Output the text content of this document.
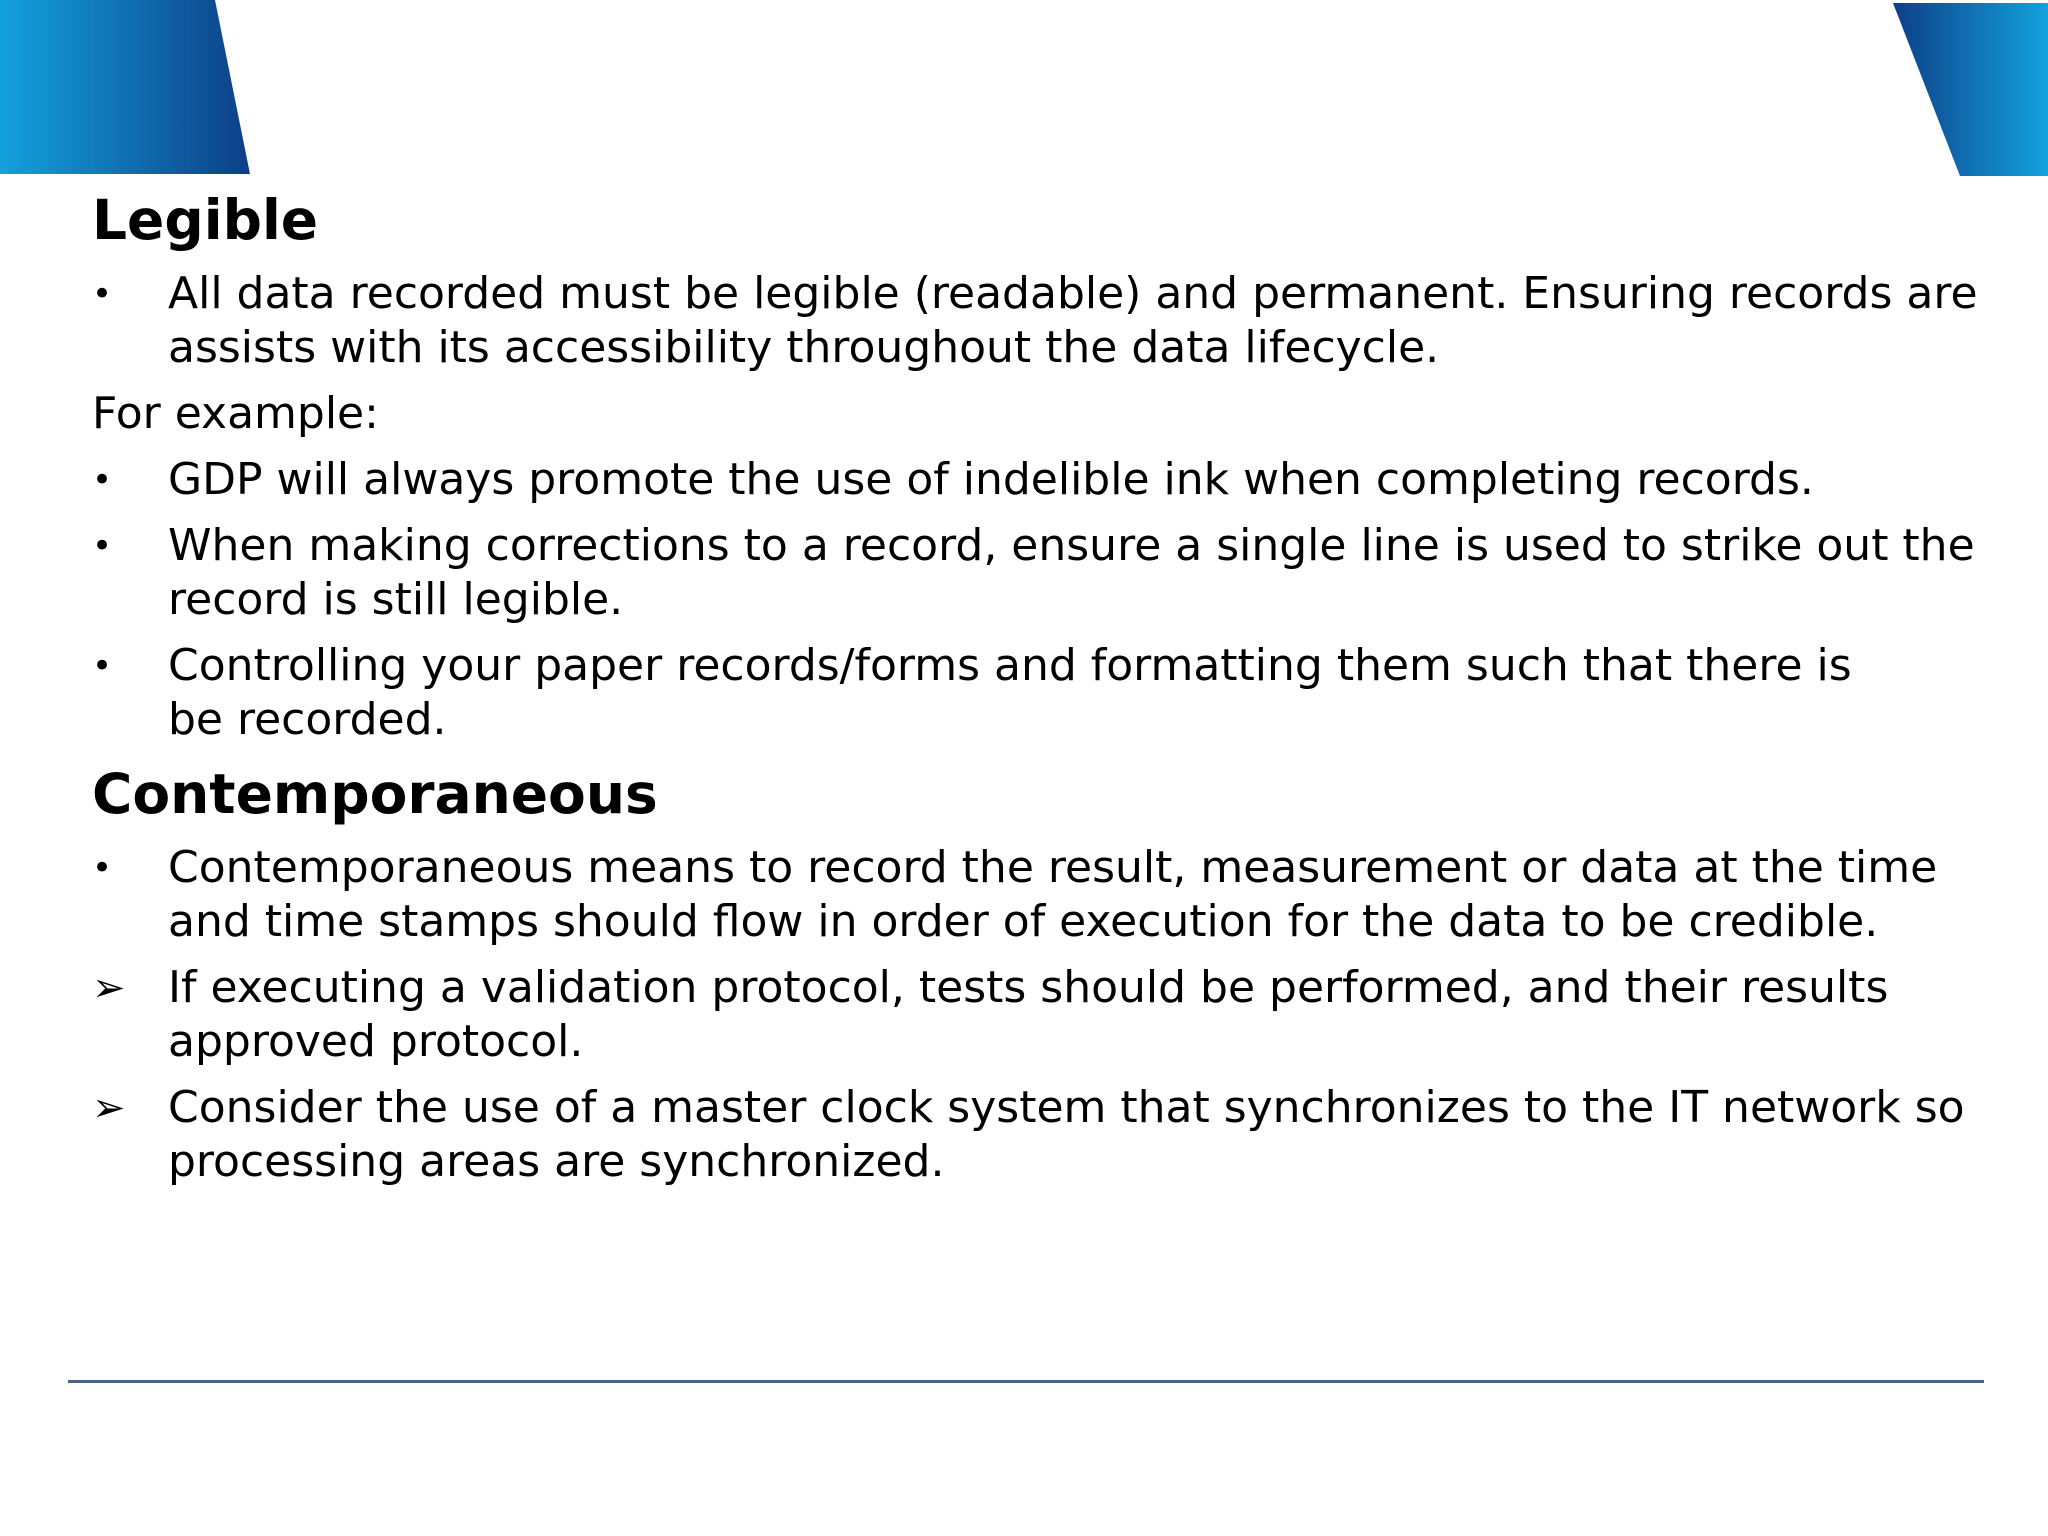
Legible
•	All data recorded must be legible (readable) and permanent. Ensuring records are
assists with its accessibility throughout the data lifecycle.
For example:
•	GDP will always promote the use of indelible ink when completing records.
•	When making corrections to a record, ensure a single line is used to strike out the
record is still legible.
•	Controlling your paper records/forms and formatting them such that there is
be recorded.
Contemporaneous
•	Contemporaneous means to record the result, measurement or data at the time
and time stamps should flow in order of execution for the data to be credible.
➢ If executing a validation protocol, tests should be performed, and their results
approved protocol.
➢ Consider the use of a master clock system that synchronizes to the IT network so
processing areas are synchronized.
